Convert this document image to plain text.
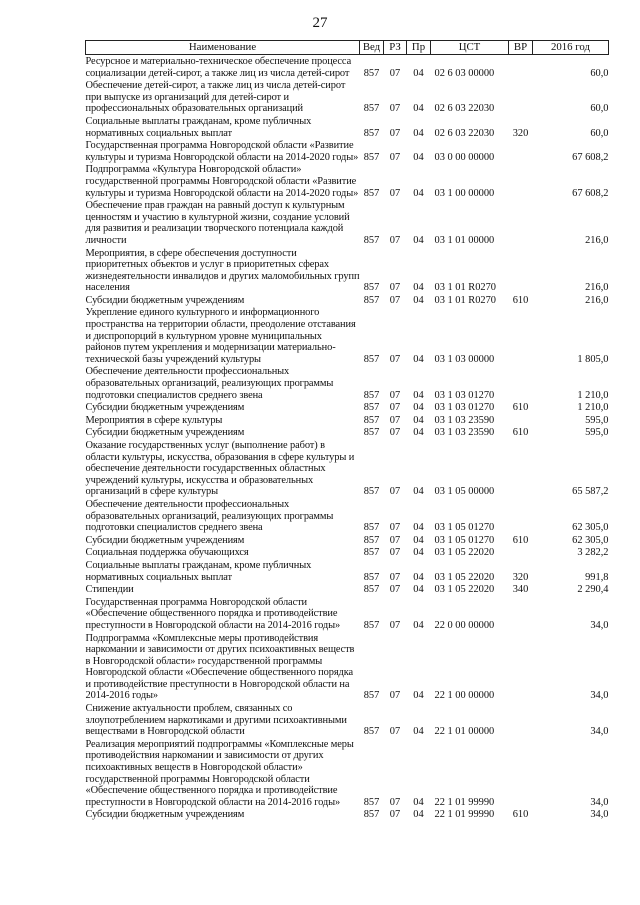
27
Наименование	Вед	РЗ	Пр	ЦСТ	ВР	2016 год
Ресурсное и материально-техническое обеспечение процесса социализации детей-сирот, а также лиц из числа детей-сирот	857	07	04	02 6 03 00000		60,0
Обеспечение детей-сирот, а также лиц из числа детей-сирот при выпуске из организаций для детей-сирот и профессиональных образовательных организаций	857	07	04	02 6 03 22030		60,0
Социальные выплаты гражданам, кроме публичных нормативных социальных выплат	857	07	04	02 6 03 22030	320	60,0
Государственная программа Новгородской области «Развитие культуры и туризма Новгородской области на 2014-2020 годы»	857	07	04	03 0 00 00000		67 608,2
Подпрограмма «Культура Новгородской области» государственной программы Новгородской области «Развитие культуры и туризма Новгородской области на 2014-2020 годы»	857	07	04	03 1 00 00000		67 608,2
Обеспечение прав граждан на равный доступ к культурным ценностям и участию в культурной жизни, создание условий для развития и реализации творческого потенциала каждой личности	857	07	04	03 1 01 00000		216,0
Мероприятия, в сфере обеспечения доступности приоритетных объектов и услуг в приоритетных сферах жизнедеятельности инвалидов и других маломобильных групп населения	857	07	04	03 1 01 R0270		216,0
Субсидии бюджетным учреждениям	857	07	04	03 1 01 R0270	610	216,0
Укрепление единого культурного и информационного пространства на территории области, преодоление отставания и диспропорций в культурном уровне муниципальных районов путем укрепления и модернизации материально-технической базы учреждений культуры	857	07	04	03 1 03 00000		1 805,0
Обеспечение деятельности профессиональных образовательных организаций, реализующих программы подготовки специалистов среднего звена	857	07	04	03 1 03 01270		1 210,0
Субсидии бюджетным учреждениям	857	07	04	03 1 03 01270	610	1 210,0
Мероприятия в сфере культуры	857	07	04	03 1 03 23590		595,0
Субсидии бюджетным учреждениям	857	07	04	03 1 03 23590	610	595,0
Оказание государственных услуг (выполнение работ) в области культуры, искусства, образования в сфере культуры и обеспечение деятельности государственных областных учреждений культуры, искусства и образовательных организаций в сфере культуры	857	07	04	03 1 05 00000		65 587,2
Обеспечение деятельности профессиональных образовательных организаций, реализующих программы подготовки специалистов среднего звена	857	07	04	03 1 05 01270		62 305,0
Субсидии бюджетным учреждениям	857	07	04	03 1 05 01270	610	62 305,0
Социальная поддержка обучающихся	857	07	04	03 1 05 22020		3 282,2
Социальные выплаты гражданам, кроме публичных нормативных социальных выплат	857	07	04	03 1 05 22020	320	991,8
Стипендии	857	07	04	03 1 05 22020	340	2 290,4
Государственная программа Новгородской области «Обеспечение общественного порядка и противодействие преступности в Новгородской области на 2014-2016 годы»	857	07	04	22 0 00 00000		34,0
Подпрограмма «Комплексные меры противодействия наркомании и зависимости от других психоактивных веществ в Новгородской области» государственной программы Новгородской области «Обеспечение общественного порядка и противодействие преступности в Новгородской области на 2014-2016 годы»	857	07	04	22 1 00 00000		34,0
Снижение актуальности проблем, связанных со злоупотреблением наркотиками и другими психоактивными веществами в Новгородской области	857	07	04	22 1 01 00000		34,0
Реализация мероприятий подпрограммы «Комплексные меры противодействия наркомании и зависимости от других психоактивных веществ в Новгородской области» государственной программы Новгородской области «Обеспечение общественного порядка и противодействие преступности в Новгородской области на 2014-2016 годы»	857	07	04	22 1 01 99990		34,0
Субсидии бюджетным учреждениям	857	07	04	22 1 01 99990	610	34,0
